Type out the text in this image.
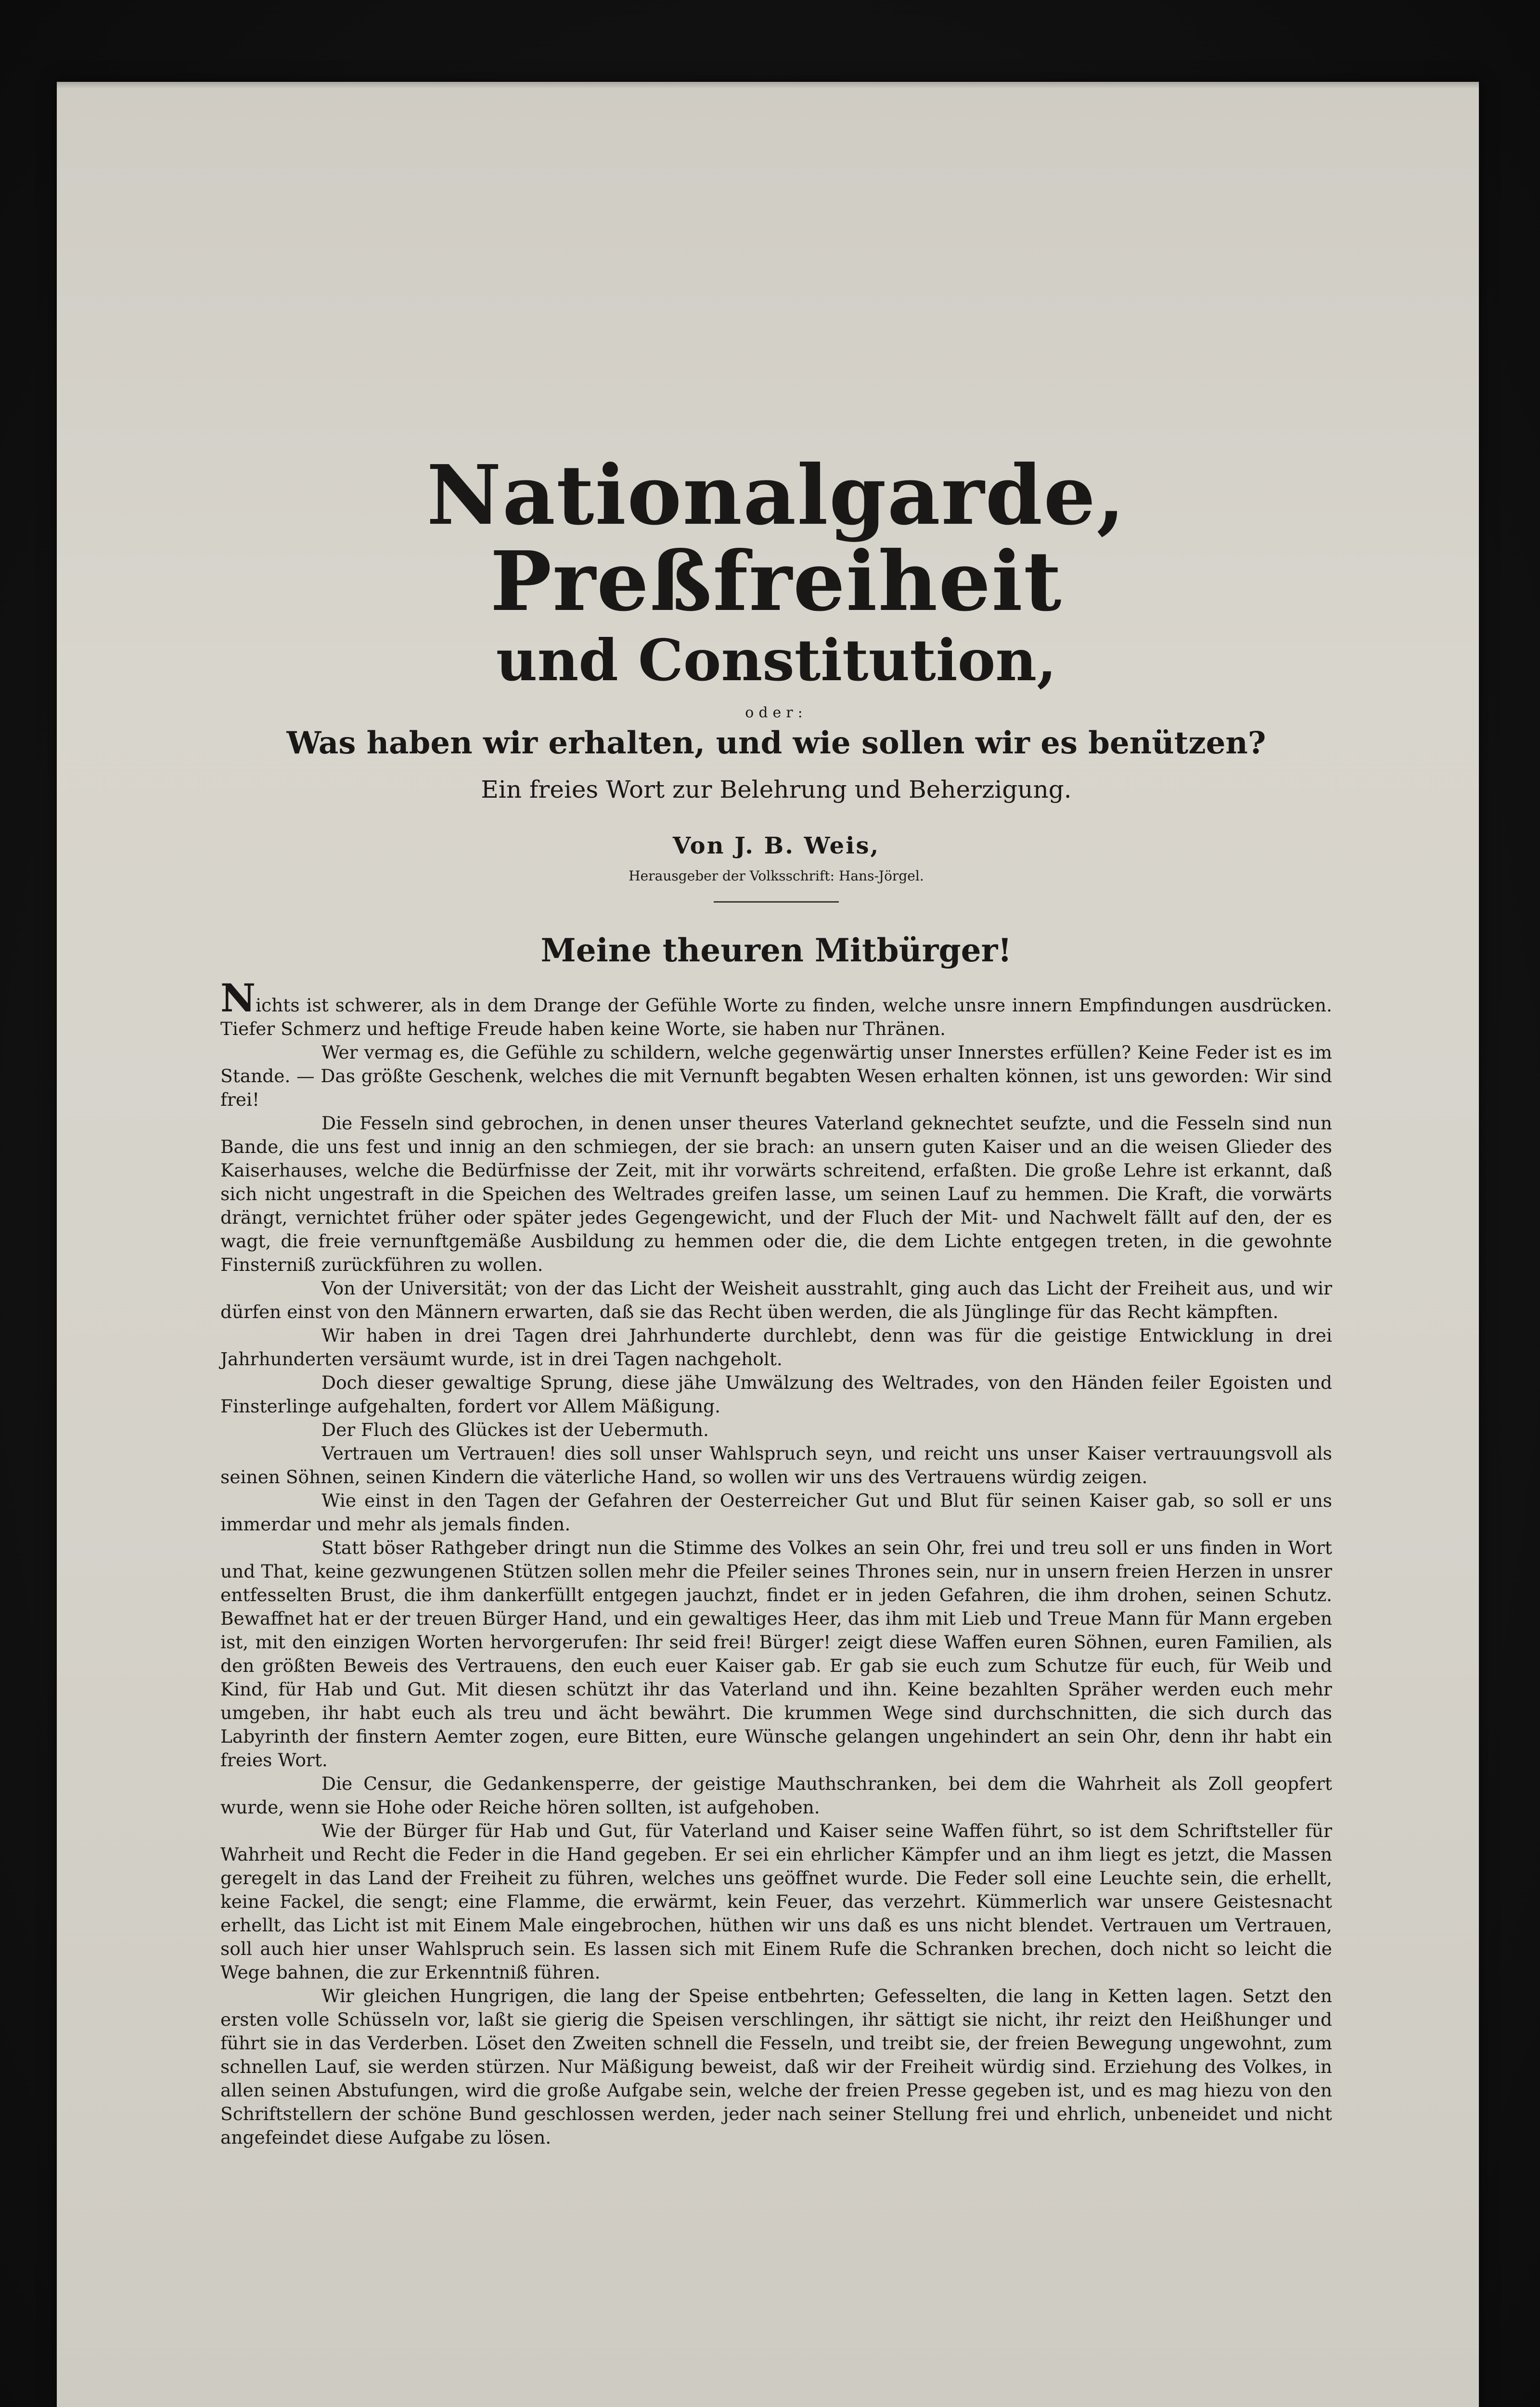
Nationalgarde, Preßfreiheit
und Constitution,
oder:
Was haben wir erhalten, und wie sollen wir es benützen?
Ein freies Wort zur Belehrung und Beherzigung.
Von J. B. Weis,
Herausgeber der Volksschrift: Hans-Jörgel.
Meine theuren Mitbürger!

Nichts ist schwerer, als in dem Drange der Gefühle Worte zu finden, welche unsre innern Empfindungen ausdrücken. Tiefer Schmerz und heftige Freude haben keine Worte, sie haben nur Thränen.

Wer vermag es, die Gefühle zu schildern, welche gegenwärtig unser Innerstes erfüllen? Keine Feder ist es im Stande. — Das größte Geschenk, welches die mit Vernunft begabten Wesen erhalten können, ist uns geworden: Wir sind frei!

Die Fesseln sind gebrochen, in denen unser theures Vaterland geknechtet seufzte, und die Fesseln sind nun Bande, die uns fest und innig an den schmiegen, der sie brach: an unsern guten Kaiser und an die weisen Glieder des Kaiserhauses, welche die Bedürfnisse der Zeit, mit ihr vorwärts schreitend, erfaßten. Die große Lehre ist erkannt, daß sich nicht ungestraft in die Speichen des Weltrades greifen lasse, um seinen Lauf zu hemmen. Die Kraft, die vorwärts drängt, vernichtet früher oder später jedes Gegengewicht, und der Fluch der Mit- und Nachwelt fällt auf den, der es wagt, die freie vernunftgemäße Ausbildung zu hemmen oder die, die dem Lichte entgegen treten, in die gewohnte Finsterniß zurückführen zu wollen.

Von der Universität; von der das Licht der Weisheit ausstrahlt, ging auch das Licht der Freiheit aus, und wir dürfen einst von den Männern erwarten, daß sie das Recht üben werden, die als Jünglinge für das Recht kämpften.

Wir haben in drei Tagen drei Jahrhunderte durchlebt, denn was für die geistige Entwicklung in drei Jahrhunderten versäumt wurde, ist in drei Tagen nachgeholt.

Doch dieser gewaltige Sprung, diese jähe Umwälzung des Weltrades, von den Händen feiler Egoisten und Finsterlinge aufgehalten, fordert vor Allem Mäßigung.

Der Fluch des Glückes ist der Uebermuth.

Vertrauen um Vertrauen! dies soll unser Wahlspruch seyn, und reicht uns unser Kaiser vertrauungsvoll als seinen Söhnen, seinen Kindern die väterliche Hand, so wollen wir uns des Vertrauens würdig zeigen.

Wie einst in den Tagen der Gefahren der Oesterreicher Gut und Blut für seinen Kaiser gab, so soll er uns immerdar und mehr als jemals finden.

Statt böser Rathgeber dringt nun die Stimme des Volkes an sein Ohr, frei und treu soll er uns finden in Wort und That, keine gezwungenen Stützen sollen mehr die Pfeiler seines Thrones sein, nur in unsern freien Herzen in unsrer entfesselten Brust, die ihm dankerfüllt entgegen jauchzt, findet er in jeden Gefahren, die ihm drohen, seinen Schutz. Bewaffnet hat er der treuen Bürger Hand, und ein gewaltiges Heer, das ihm mit Lieb und Treue Mann für Mann ergeben ist, mit den einzigen Worten hervorgerufen: Ihr seid frei! Bürger! zeigt diese Waffen euren Söhnen, euren Familien, als den größten Beweis des Vertrauens, den euch euer Kaiser gab. Er gab sie euch zum Schutze für euch, für Weib und Kind, für Hab und Gut. Mit diesen schützt ihr das Vaterland und ihn. Keine bezahlten Spräher werden euch mehr umgeben, ihr habt euch als treu und ächt bewährt. Die krummen Wege sind durchschnitten, die sich durch das Labyrinth der finstern Aemter zogen, eure Bitten, eure Wünsche gelangen ungehindert an sein Ohr, denn ihr habt ein freies Wort.

Die Censur, die Gedankensperre, der geistige Mauthschranken, bei dem die Wahrheit als Zoll geopfert wurde, wenn sie Hohe oder Reiche hören sollten, ist aufgehoben.

Wie der Bürger für Hab und Gut, für Vaterland und Kaiser seine Waffen führt, so ist dem Schriftsteller für Wahrheit und Recht die Feder in die Hand gegeben. Er sei ein ehrlicher Kämpfer und an ihm liegt es jetzt, die Massen geregelt in das Land der Freiheit zu führen, welches uns geöffnet wurde. Die Feder soll eine Leuchte sein, die erhellt, keine Fackel, die sengt; eine Flamme, die erwärmt, kein Feuer, das verzehrt. Kümmerlich war unsere Geistesnacht erhellt, das Licht ist mit Einem Male eingebrochen, hüthen wir uns daß es uns nicht blendet. Vertrauen um Vertrauen, soll auch hier unser Wahlspruch sein. Es lassen sich mit Einem Rufe die Schranken brechen, doch nicht so leicht die Wege bahnen, die zur Erkenntniß führen.

Wir gleichen Hungrigen, die lang der Speise entbehrten; Gefesselten, die lang in Ketten lagen. Setzt den ersten volle Schüsseln vor, laßt sie gierig die Speisen verschlingen, ihr sättigt sie nicht, ihr reizt den Heißhunger und führt sie in das Verderben. Löset den Zweiten schnell die Fesseln, und treibt sie, der freien Bewegung ungewohnt, zum schnellen Lauf, sie werden stürzen. Nur Mäßigung beweist, daß wir der Freiheit würdig sind. Erziehung des Volkes, in allen seinen Abstufungen, wird die große Aufgabe sein, welche der freien Presse gegeben ist, und es mag hiezu von den Schriftstellern der schöne Bund geschlossen werden, jeder nach seiner Stellung frei und ehrlich, unbeneidet und nicht angefeindet diese Aufgabe zu lösen.
